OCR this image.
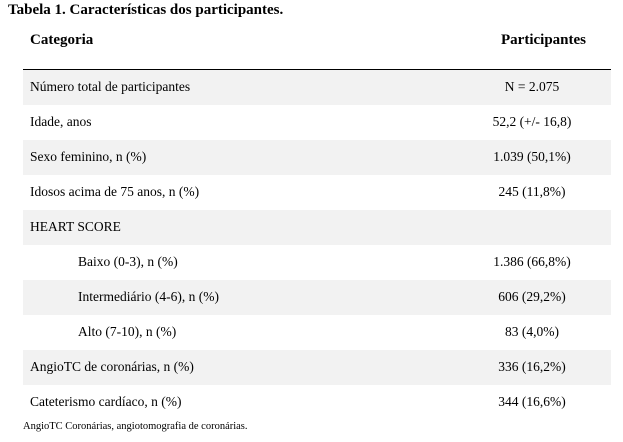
Tabela 1. Características dos participantes.
Categoria	Participantes
Número total de participantes	N = 2.075
Idade, anos	52,2 (+/- 16,8)
Sexo feminino, n (%)	1.039 (50,1%)
Idosos acima de 75 anos, n (%)	245 (11,8%)
HEART SCORE
Baixo (0-3), n (%)	1.386 (66,8%)
Intermediário (4-6), n (%)	606 (29,2%)
Alto (7-10), n (%)	83 (4,0%)
AngioTC de coronárias, n (%)	336 (16,2%)
Cateterismo cardíaco, n (%)	344 (16,6%)
AngioTC Coronárias, angiotomografia de coronárias.
